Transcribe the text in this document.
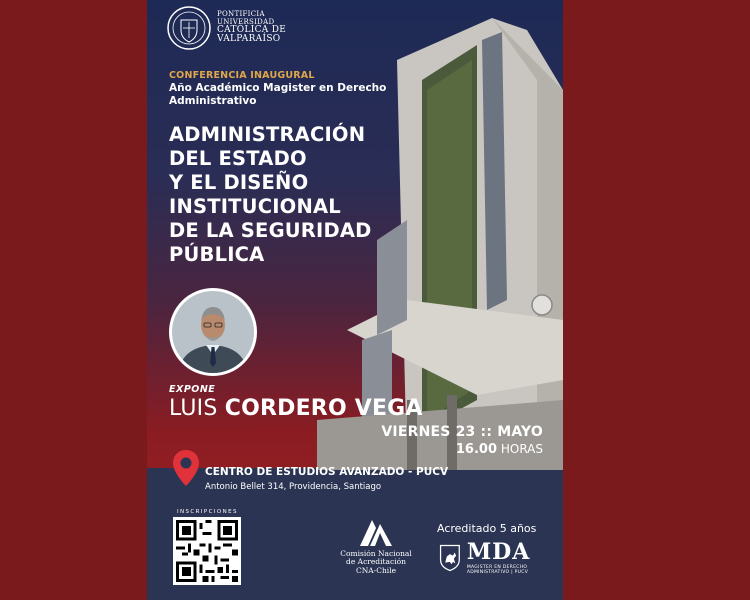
PONTIFICIA
UNIVERSIDAD
CATÓLICA DE
VALPARAÍSO
CONFERENCIA INAUGURAL
Año Académico Magister en Derecho Administrativo
ADMINISTRACIÓN
DEL ESTADO
Y EL DISEÑO
INSTITUCIONAL
DE LA SEGURIDAD
PÚBLICA
EXPONE
LUIS CORDERO VEGA
VIERNES 23 :: MAYO
16.00 HORAS
CENTRO DE ESTUDIOS AVANZADO - PUCV
Antonio Bellet 314, Providencia, Santiago
INSCRIPCIONES
Comisión Nacional
de Acreditación
CNA-Chile
Acreditado 5 años
MDA
MAGISTER EN DERECHO ADMINISTRATIVO | PUCV
